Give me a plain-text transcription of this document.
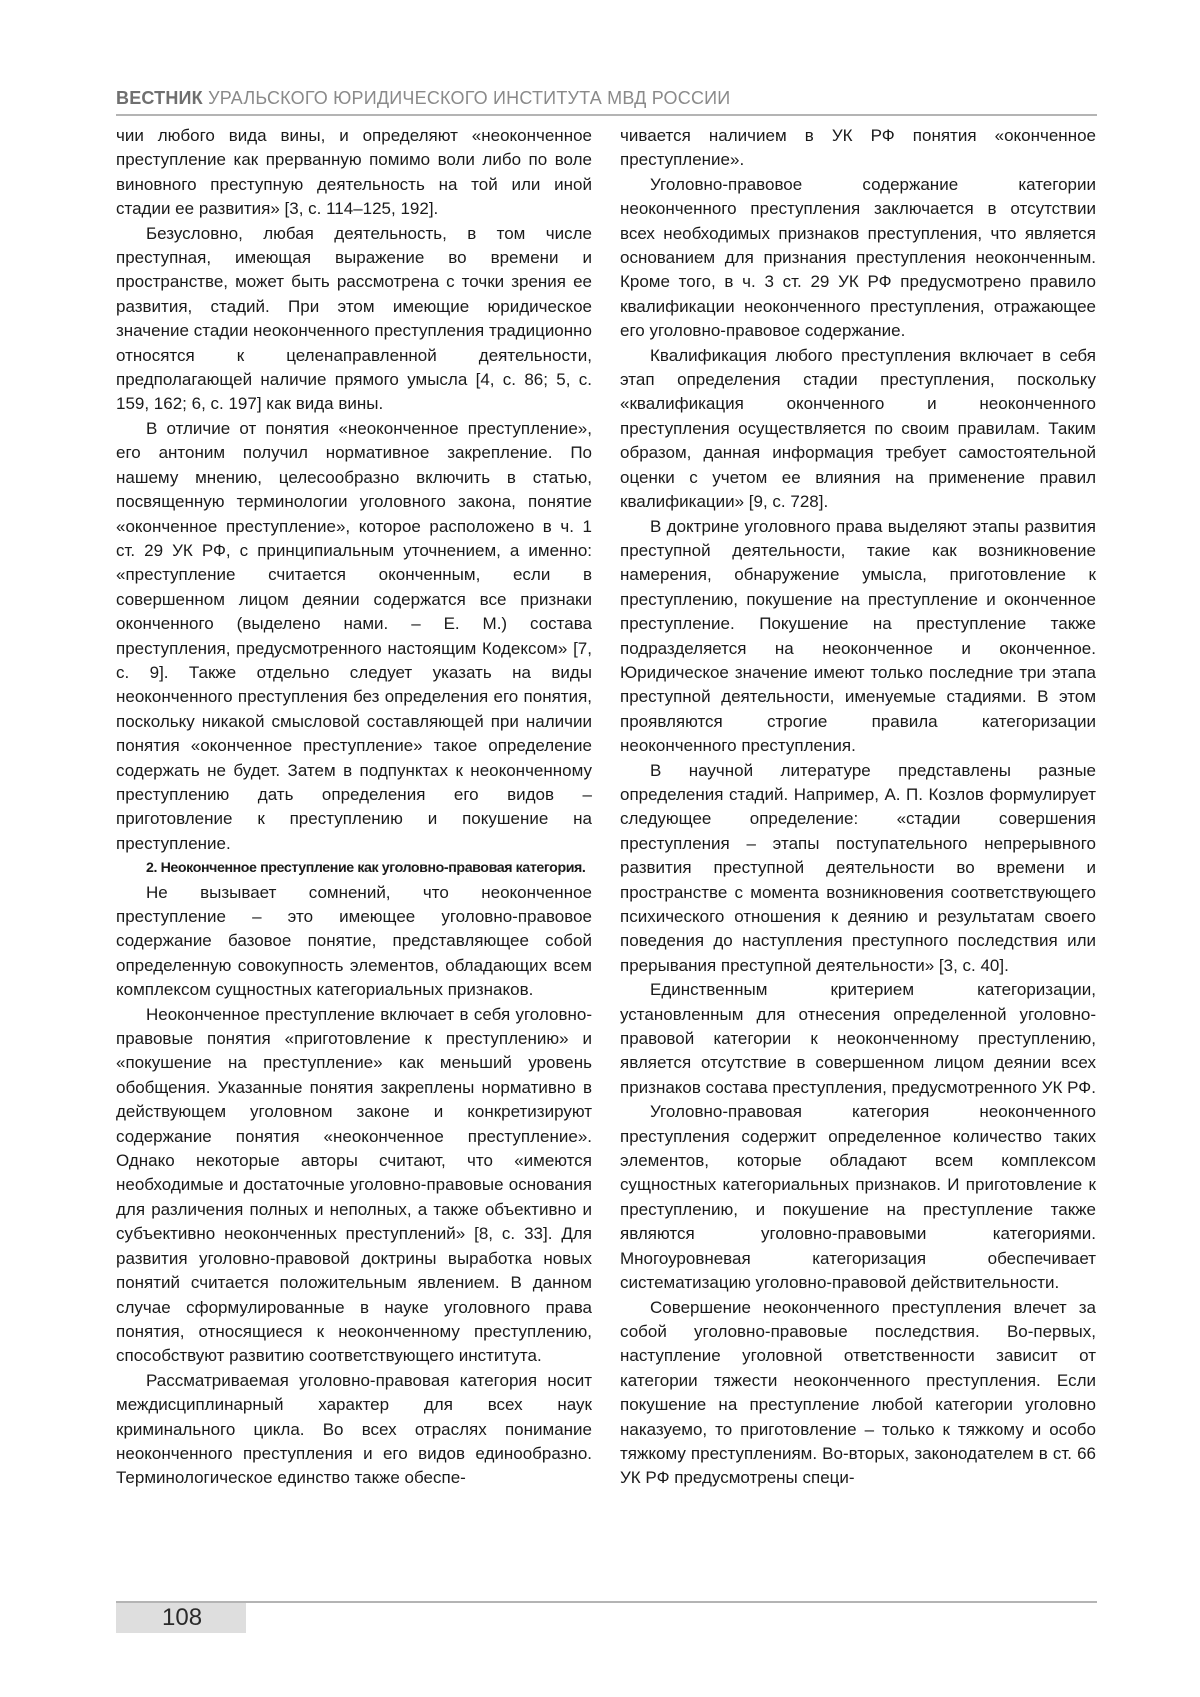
ВЕСТНИК УРАЛЬСКОГО ЮРИДИЧЕСКОГО ИНСТИТУТА МВД РОССИИ

чии любого вида вины, и определяют «неоконченное преступление как прерванную помимо воли либо по воле виновного преступную деятельность на той или иной стадии ее развития» [3, с. 114–125, 192].

Безусловно, любая деятельность, в том числе преступная, имеющая выражение во времени и пространстве, может быть рассмотрена с точки зрения ее развития, стадий. При этом имеющие юридическое значение стадии неоконченного преступления традиционно относятся к целенаправленной деятельности, предполагающей наличие прямого умысла [4, с. 86; 5, с. 159, 162; 6, с. 197] как вида вины.

В отличие от понятия «неоконченное преступление», его антоним получил нормативное закрепление. По нашему мнению, целесообразно включить в статью, посвященную терминологии уголовного закона, понятие «оконченное преступление», которое расположено в ч. 1 ст. 29 УК РФ, с принципиальным уточнением, а именно: «преступление считается оконченным, если в совершенном лицом деянии содержатся все признаки оконченного (выделено нами. – Е. М.) состава преступления, предусмотренного настоящим Кодексом» [7, с. 9]. Также отдельно следует указать на виды неоконченного преступления без определения его понятия, поскольку никакой смысловой составляющей при наличии понятия «оконченное преступление» такое определение содержать не будет. Затем в подпунктах к неоконченному преступлению дать определения его видов – приготовление к преступлению и покушение на преступление.

2. Неоконченное преступление как уголовно-правовая категория.

Не вызывает сомнений, что неоконченное преступление – это имеющее уголовно-правовое содержание базовое понятие, представляющее собой определенную совокупность элементов, обладающих всем комплексом сущностных категориальных признаков.

Неоконченное преступление включает в себя уголовно-правовые понятия «приготовление к преступлению» и «покушение на преступление» как меньший уровень обобщения. Указанные понятия закреплены нормативно в действующем уголовном законе и конкретизируют содержание понятия «неоконченное преступление». Однако некоторые авторы считают, что «имеются необходимые и достаточные уголовно-правовые основания для различения полных и неполных, а также объективно и субъективно неоконченных преступлений» [8, с. 33]. Для развития уголовно-правовой доктрины выработка новых понятий считается положительным явлением. В данном случае сформулированные в науке уголовного права понятия, относящиеся к неоконченному преступлению, способствуют развитию соответствующего института.

Рассматриваемая уголовно-правовая категория носит междисциплинарный характер для всех наук криминального цикла. Во всех отраслях понимание неоконченного преступления и его видов единообразно. Терминологическое единство также обеспе-

чивается наличием в УК РФ понятия «оконченное преступление».

Уголовно-правовое содержание категории неоконченного преступления заключается в отсутствии всех необходимых признаков преступления, что является основанием для признания преступления неоконченным. Кроме того, в ч. 3 ст. 29 УК РФ предусмотрено правило квалификации неоконченного преступления, отражающее его уголовно-правовое содержание.

Квалификация любого преступления включает в себя этап определения стадии преступления, поскольку «квалификация оконченного и неоконченного преступления осуществляется по своим правилам. Таким образом, данная информация требует самостоятельной оценки с учетом ее влияния на применение правил квалификации» [9, с. 728].

В доктрине уголовного права выделяют этапы развития преступной деятельности, такие как возникновение намерения, обнаружение умысла, приготовление к преступлению, покушение на преступление и оконченное преступление. Покушение на преступление также подразделяется на неоконченное и оконченное. Юридическое значение имеют только последние три этапа преступной деятельности, именуемые стадиями. В этом проявляются строгие правила категоризации неоконченного преступления.

В научной литературе представлены разные определения стадий. Например, А. П. Козлов формулирует следующее определение: «стадии совершения преступления – этапы поступательного непрерывного развития преступной деятельности во времени и пространстве с момента возникновения соответствующего психического отношения к деянию и результатам своего поведения до наступления преступного последствия или прерывания преступной деятельности» [3, с. 40].

Единственным критерием категоризации, установленным для отнесения определенной уголовно-правовой категории к неоконченному преступлению, является отсутствие в совершенном лицом деянии всех признаков состава преступления, предусмотренного УК РФ.

Уголовно-правовая категория неоконченного преступления содержит определенное количество таких элементов, которые обладают всем комплексом сущностных категориальных признаков. И приготовление к преступлению, и покушение на преступление также являются уголовно-правовыми категориями. Многоуровневая категоризация обеспечивает систематизацию уголовно-правовой действительности.

Совершение неоконченного преступления влечет за собой уголовно-правовые последствия. Во-первых, наступление уголовной ответственности зависит от категории тяжести неоконченного преступления. Если покушение на преступление любой категории уголовно наказуемо, то приготовление – только к тяжкому и особо тяжкому преступлениям. Во-вторых, законодателем в ст. 66 УК РФ предусмотрены специ-

108
